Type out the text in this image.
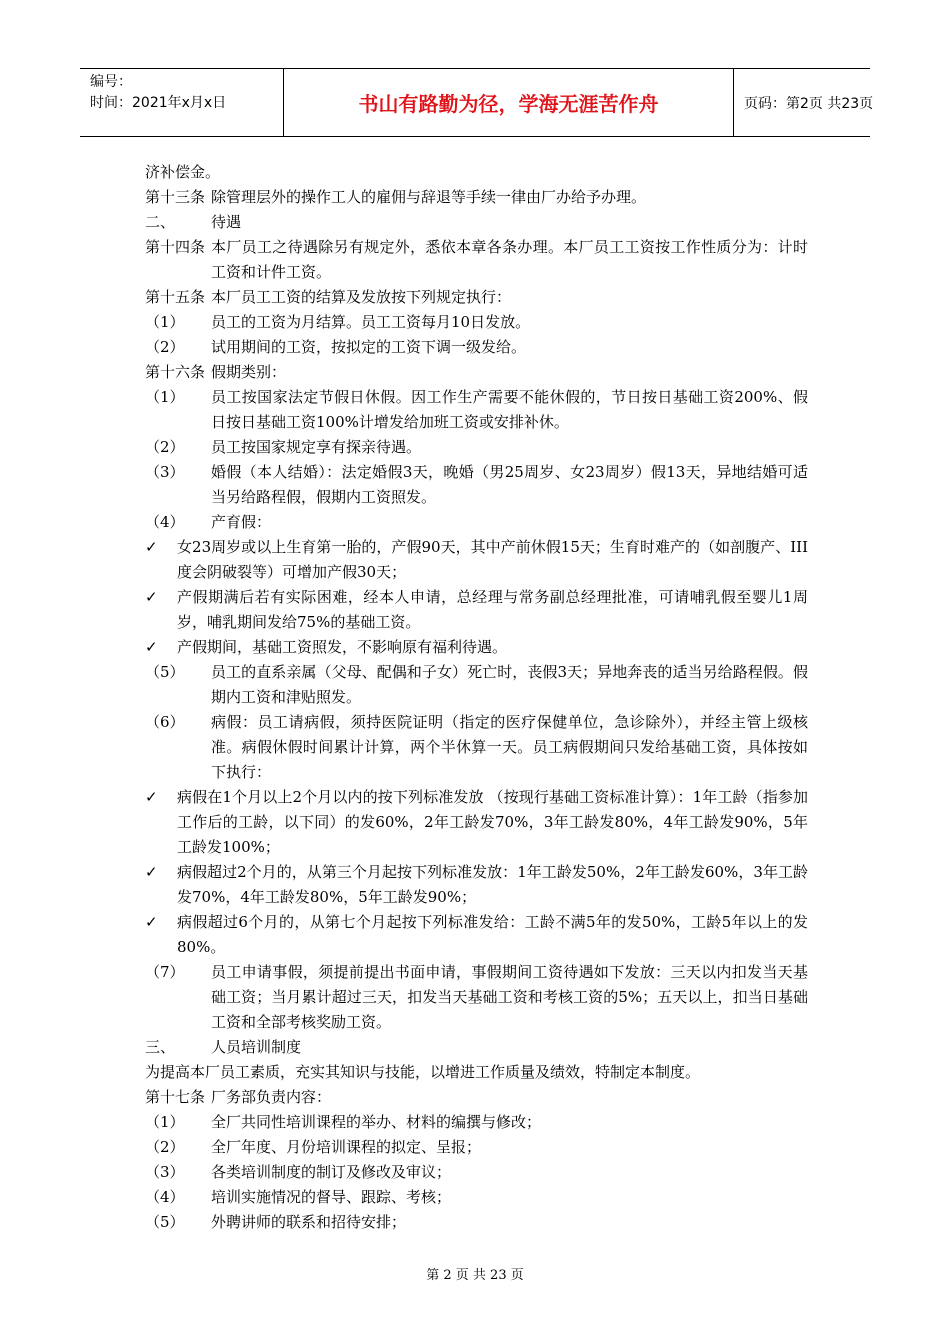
编号：
时间：2021年x月x日	书山有路勤为径，学海无涯苦作舟	页码：第2页 共23页
济补偿金。
第十三条 除管理层外的操作工人的雇佣与辞退等手续一律由厂办给予办理。
二、	待遇
第十四条 本厂员工之待遇除另有规定外，悉依本章各条办理。本厂员工工资按工作性质分为：计时工资和计件工资。
第十五条 本厂员工工资的结算及发放按下列规定执行：
（1）	员工的工资为月结算。员工工资每月10日发放。
（2）	试用期间的工资，按拟定的工资下调一级发给。
第十六条 假期类别：
（1）	员工按国家法定节假日休假。因工作生产需要不能休假的，节日按日基础工资200%、假日按日基础工资100%计增发给加班工资或安排补休。
（2）	员工按国家规定享有探亲待遇。
（3）	婚假（本人结婚）：法定婚假3天，晚婚（男25周岁、女23周岁）假13天，异地结婚可适当另给路程假，假期内工资照发。
（4）	产育假：
✓	女23周岁或以上生育第一胎的，产假90天，其中产前休假15天；生育时难产的（如剖腹产、III度会阴破裂等）可增加产假30天；
✓	产假期满后若有实际困难，经本人申请，总经理与常务副总经理批准，可请哺乳假至婴儿1周岁，哺乳期间发给75%的基础工资。
✓	产假期间，基础工资照发，不影响原有福利待遇。
（5）	员工的直系亲属（父母、配偶和子女）死亡时，丧假3天；异地奔丧的适当另给路程假。假期内工资和津贴照发。
（6）	病假：员工请病假，须持医院证明（指定的医疗保健单位，急诊除外），并经主管上级核准。病假休假时间累计计算，两个半休算一天。员工病假期间只发给基础工资，具体按如下执行：
✓	病假在1个月以上2个月以内的按下列标准发放 （按现行基础工资标准计算）：1年工龄（指参加工作后的工龄，以下同）的发60%，2年工龄发70%，3年工龄发80%，4年工龄发90%，5年工龄发100%；
✓	病假超过2个月的，从第三个月起按下列标准发放：1年工龄发50%，2年工龄发60%，3年工龄发70%，4年工龄发80%，5年工龄发90%；
✓	病假超过6个月的，从第七个月起按下列标准发给：工龄不满5年的发50%，工龄5年以上的发80%。
（7）	员工申请事假，须提前提出书面申请，事假期间工资待遇如下发放：三天以内扣发当天基础工资；当月累计超过三天，扣发当天基础工资和考核工资的5%；五天以上，扣当日基础工资和全部考核奖励工资。
三、	人员培训制度
为提高本厂员工素质，充实其知识与技能，以增进工作质量及绩效，特制定本制度。
第十七条 厂务部负责内容：
（1）	全厂共同性培训课程的举办、材料的编撰与修改；
（2）	全厂年度、月份培训课程的拟定、呈报；
（3）	各类培训制度的制订及修改及审议；
（4）	培训实施情况的督导、跟踪、考核；
（5）	外聘讲师的联系和招待安排；
第 2 页 共 23 页
